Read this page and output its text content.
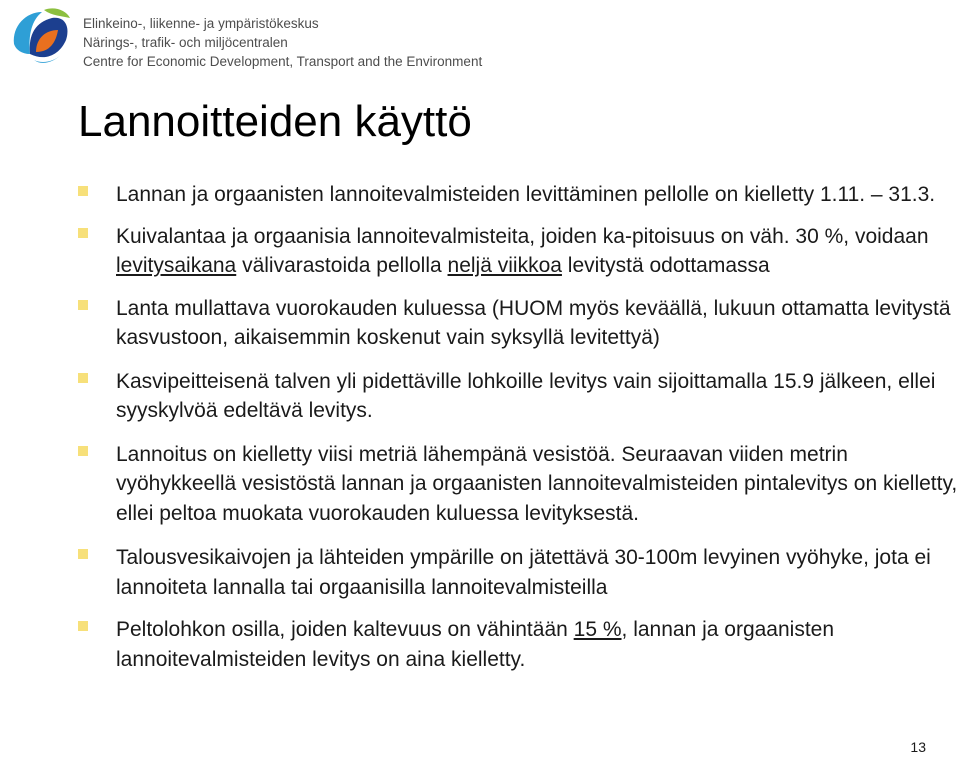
Elinkeino-, liikenne- ja ympäristökeskus
Närings-, trafik- och miljöcentralen
Centre for Economic Development, Transport and the Environment
Lannoitteiden käyttö
Lannan ja orgaanisten lannoitevalmisteiden levittäminen pellolle on kielletty 1.11. – 31.3.
Kuivalantaa ja orgaanisia lannoitevalmisteita, joiden ka-pitoisuus on väh. 30 %, voidaan levitysaikana välivarastoida pellolla neljä viikkoa levitystä odottamassa
Lanta mullattava vuorokauden kuluessa (HUOM myös keväällä, lukuun ottamatta levitystä kasvustoon, aikaisemmin koskenut vain syksyllä levitettyä)
Kasvipeitteisenä talven yli pidettäville lohkoille levitys vain sijoittamalla 15.9 jälkeen, ellei syyskylvöä edeltävä levitys.
Lannoitus on kielletty viisi metriä lähempänä vesistöä. Seuraavan viiden metrin vyöhykkeellä vesistöstä lannan ja orgaanisten lannoitevalmisteiden pintalevitys on kielletty, ellei peltoa muokata vuorokauden kuluessa levityksestä.
Talousvesikaivojen ja lähteiden ympärille on jätettävä 30-100m levyinen vyöhyke, jota ei lannoiteta lannalla tai orgaanisilla lannoitevalmisteilla
Peltolohkon osilla, joiden kaltevuus on vähintään 15 %, lannan ja orgaanisten lannoitevalmisteiden levitys on aina kielletty.
13
